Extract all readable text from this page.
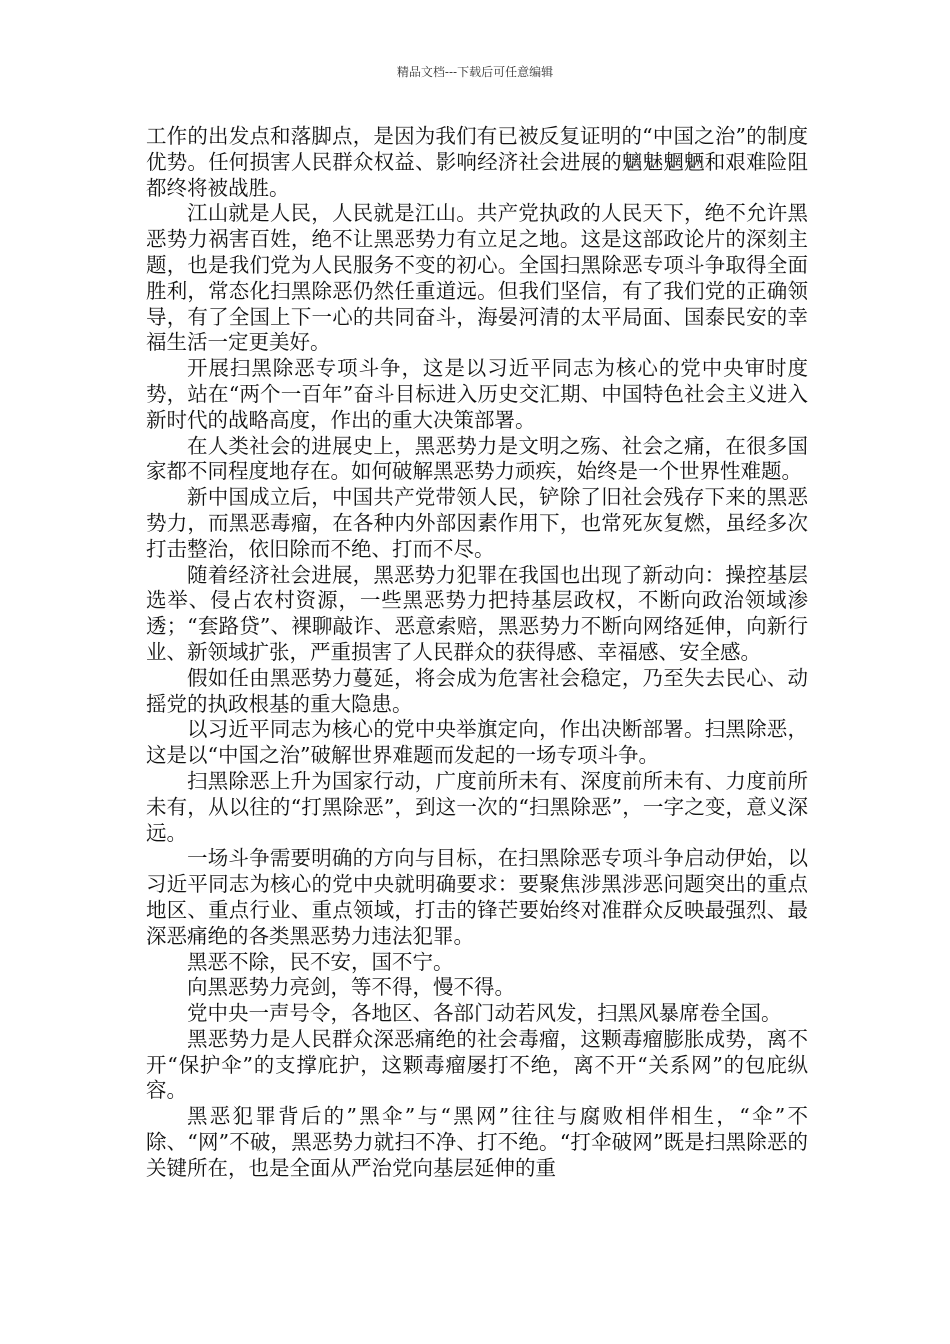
精品文档---下载后可任意编辑

工作的出发点和落脚点，是因为我们有已被反复证明的“中国之治”的制度优势。任何损害人民群众权益、影响经济社会进展的魑魅魍魉和艰难险阻都终将被战胜。

江山就是人民，人民就是江山。共产党执政的人民天下，绝不允许黑恶势力祸害百姓，绝不让黑恶势力有立足之地。这是这部政论片的深刻主题，也是我们党为人民服务不变的初心。全国扫黑除恶专项斗争取得全面胜利，常态化扫黑除恶仍然任重道远。但我们坚信，有了我们党的正确领导，有了全国上下一心的共同奋斗，海晏河清的太平局面、国泰民安的幸福生活一定更美好。

开展扫黑除恶专项斗争，这是以习近平同志为核心的党中央审时度势，站在“两个一百年”奋斗目标进入历史交汇期、中国特色社会主义进入新时代的战略高度，作出的重大决策部署。

在人类社会的进展史上，黑恶势力是文明之殇、社会之痛，在很多国家都不同程度地存在。如何破解黑恶势力顽疾，始终是一个世界性难题。

新中国成立后，中国共产党带领人民，铲除了旧社会残存下来的黑恶势力，而黑恶毒瘤，在各种内外部因素作用下，也常死灰复燃，虽经多次打击整治，依旧除而不绝、打而不尽。

随着经济社会进展，黑恶势力犯罪在我国也出现了新动向：操控基层选举、侵占农村资源，一些黑恶势力把持基层政权，不断向政治领域渗透；“套路贷”、裸聊敲诈、恶意索赔，黑恶势力不断向网络延伸，向新行业、新领域扩张，严重损害了人民群众的获得感、幸福感、安全感。

假如任由黑恶势力蔓延，将会成为危害社会稳定，乃至失去民心、动摇党的执政根基的重大隐患。

以习近平同志为核心的党中央举旗定向，作出决断部署。扫黑除恶，这是以“中国之治”破解世界难题而发起的一场专项斗争。

扫黑除恶上升为国家行动，广度前所未有、深度前所未有、力度前所未有，从以往的“打黑除恶”，到这一次的“扫黑除恶”，一字之变，意义深远。

一场斗争需要明确的方向与目标，在扫黑除恶专项斗争启动伊始，以习近平同志为核心的党中央就明确要求：要聚焦涉黑涉恶问题突出的重点地区、重点行业、重点领域，打击的锋芒要始终对准群众反映最强烈、最深恶痛绝的各类黑恶势力违法犯罪。

黑恶不除，民不安，国不宁。

向黑恶势力亮剑，等不得，慢不得。

党中央一声号令，各地区、各部门动若风发，扫黑风暴席卷全国。

黑恶势力是人民群众深恶痛绝的社会毒瘤，这颗毒瘤膨胀成势，离不开“保护伞”的支撑庇护，这颗毒瘤屡打不绝，离不开“关系网”的包庇纵容。

黑恶犯罪背后的”黑伞”与“黑网”往往与腐败相伴相生，“伞”不除、“网”不破，黑恶势力就扫不净、打不绝。“打伞破网”既是扫黑除恶的关键所在，也是全面从严治党向基层延伸的重
